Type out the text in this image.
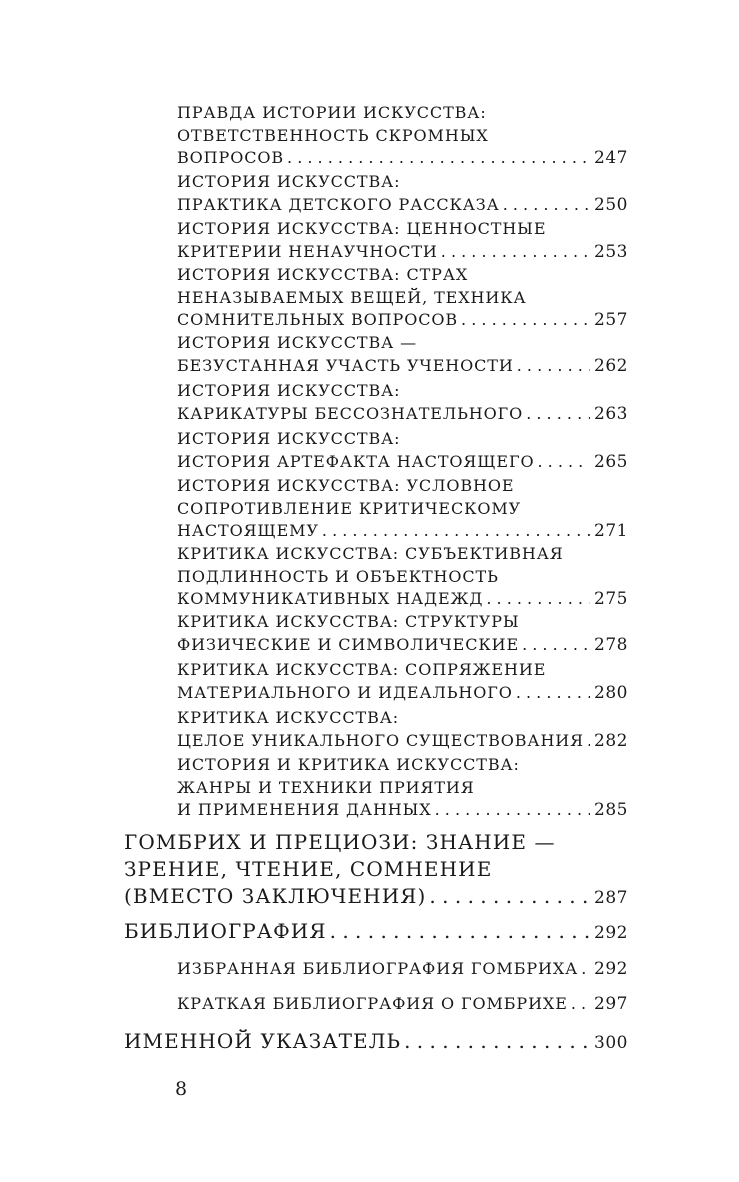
ПРАВДА ИСТОРИИ ИСКУССТВА:
ОТВЕТСТВЕННОСТЬ СКРОМНЫХ
ВОПРОСОВ . . .	247
ИСТОРИЯ ИСКУССТВА:
ПРАКТИКА ДЕТСКОГО РАССКАЗА . . .	250
ИСТОРИЯ ИСКУССТВА: ЦЕННОСТНЫЕ
КРИТЕРИИ НЕНАУЧНОСТИ . . .	253
ИСТОРИЯ ИСКУССТВА: СТРАХ
НЕНАЗЫВАЕМЫХ ВЕЩЕЙ, ТЕХНИКА
СОМНИТЕЛЬНЫХ ВОПРОСОВ . . .	257
ИСТОРИЯ ИСКУССТВА —
БЕЗУСТАННАЯ УЧАСТЬ УЧЕНОСТИ . . .	262
ИСТОРИЯ ИСКУССТВА:
КАРИКАТУРЫ БЕССОЗНАТЕЛЬНОГО . . .	263
ИСТОРИЯ ИСКУССТВА:
ИСТОРИЯ АРТЕФАКТА НАСТОЯЩЕГО . . .	265
ИСТОРИЯ ИСКУССТВА: УСЛОВНОЕ
СОПРОТИВЛЕНИЕ КРИТИЧЕСКОМУ
НАСТОЯЩЕМУ . . .	271
КРИТИКА ИСКУССТВА: СУБЪЕКТИВНАЯ
ПОДЛИННОСТЬ И ОБЪЕКТНОСТЬ
КОММУНИКАТИВНЫХ НАДЕЖД . . .	275
КРИТИКА ИСКУССТВА: СТРУКТУРЫ
ФИЗИЧЕСКИЕ И СИМВОЛИЧЕСКИЕ . . .	278
КРИТИКА ИСКУССТВА: СОПРЯЖЕНИЕ
МАТЕРИАЛЬНОГО И ИДЕАЛЬНОГО . . .	280
КРИТИКА ИСКУССТВА:
ЦЕЛОЕ УНИКАЛЬНОГО СУЩЕСТВОВАНИЯ . . . 282
ИСТОРИЯ И КРИТИКА ИСКУССТВА:
ЖАНРЫ И ТЕХНИКИ ПРИЯТИЯ
И ПРИМЕНЕНИЯ ДАННЫХ . . .	285
ГОМБРИХ И ПРЕЦИОЗИ: ЗНАНИЕ —
ЗРЕНИЕ, ЧТЕНИЕ, СОМНЕНИЕ
(ВМЕСТО ЗАКЛЮЧЕНИЯ) . . .	287
БИБЛИОГРАФИЯ . . .	292
ИЗБРАННАЯ БИБЛИОГРАФИЯ ГОМБРИХА . . . 292
КРАТКАЯ БИБЛИОГРАФИЯ О ГОМБРИХЕ . . . 297
ИМЕННОЙ УКАЗАТЕЛЬ . . .	300
8
